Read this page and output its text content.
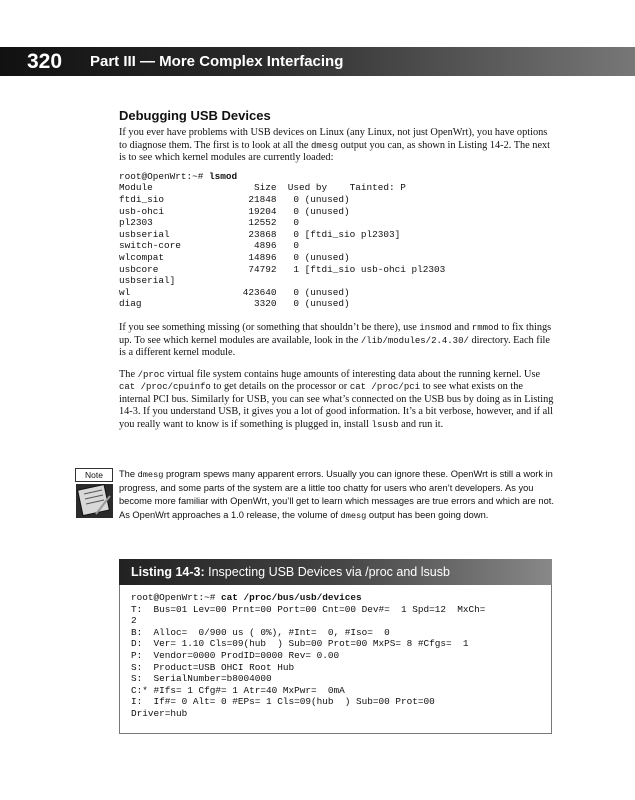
320 Part III — More Complex Interfacing
Debugging USB Devices

If you ever have problems with USB devices on Linux (any Linux, not just OpenWrt), you have options to diagnose them. The first is to look at all the dmesg output you can, as shown in Listing 14-2. The next is to see which kernel modules are currently loaded:

root@OpenWrt:~# lsmod
Module                  Size  Used by    Tainted: P
ftdi_sio               21848   0 (unused)
usb-ohci               19204   0 (unused)
pl2303                 12552   0
usbserial              23868   0 [ftdi_sio pl2303]
switch-core             4896   0
wlcompat               14896   0 (unused)
usbcore                74792   1 [ftdi_sio usb-ohci pl2303
usbserial]
wl                    423640   0 (unused)
diag                    3320   0 (unused)

If you see something missing (or something that shouldn’t be there), use insmod and rmmod to fix things up. To see which kernel modules are available, look in the /lib/modules/2.4.30/ directory. Each file is a different kernel module.

The /proc virtual file system contains huge amounts of interesting data about the running kernel. Use cat /proc/cpuinfo to get details on the processor or cat /proc/pci to see what exists on the internal PCI bus. Similarly for USB, you can see what’s connected on the USB bus by doing as in Listing 14-3. If you understand USB, it gives you a lot of good information. It’s a bit verbose, however, and if all you really want to know is if something is plugged in, install lsusb and run it.

Note	The dmesg program spews many apparent errors. Usually you can ignore these. OpenWrt is still a work in progress, and some parts of the system are a little too chatty for users who aren’t developers. As you become more familiar with OpenWrt, you’ll get to learn which messages are true errors and which are not. As OpenWrt approaches a 1.0 release, the volume of dmesg output has been going down.
Listing 14-3: Inspecting USB Devices via /proc and lsusb
root@OpenWrt:~# cat /proc/bus/usb/devices
T:  Bus=01 Lev=00 Prnt=00 Port=00 Cnt=00 Dev#=  1 Spd=12  MxCh=
2
B:  Alloc=  0/900 us ( 0%), #Int=  0, #Iso=  0
D:  Ver= 1.10 Cls=09(hub  ) Sub=00 Prot=00 MxPS= 8 #Cfgs=  1
P:  Vendor=0000 ProdID=0000 Rev= 0.00
S:  Product=USB OHCI Root Hub
S:  SerialNumber=b8004000
C:* #Ifs= 1 Cfg#= 1 Atr=40 MxPwr=  0mA
I:  If#= 0 Alt= 0 #EPs= 1 Cls=09(hub  ) Sub=00 Prot=00
Driver=hub
